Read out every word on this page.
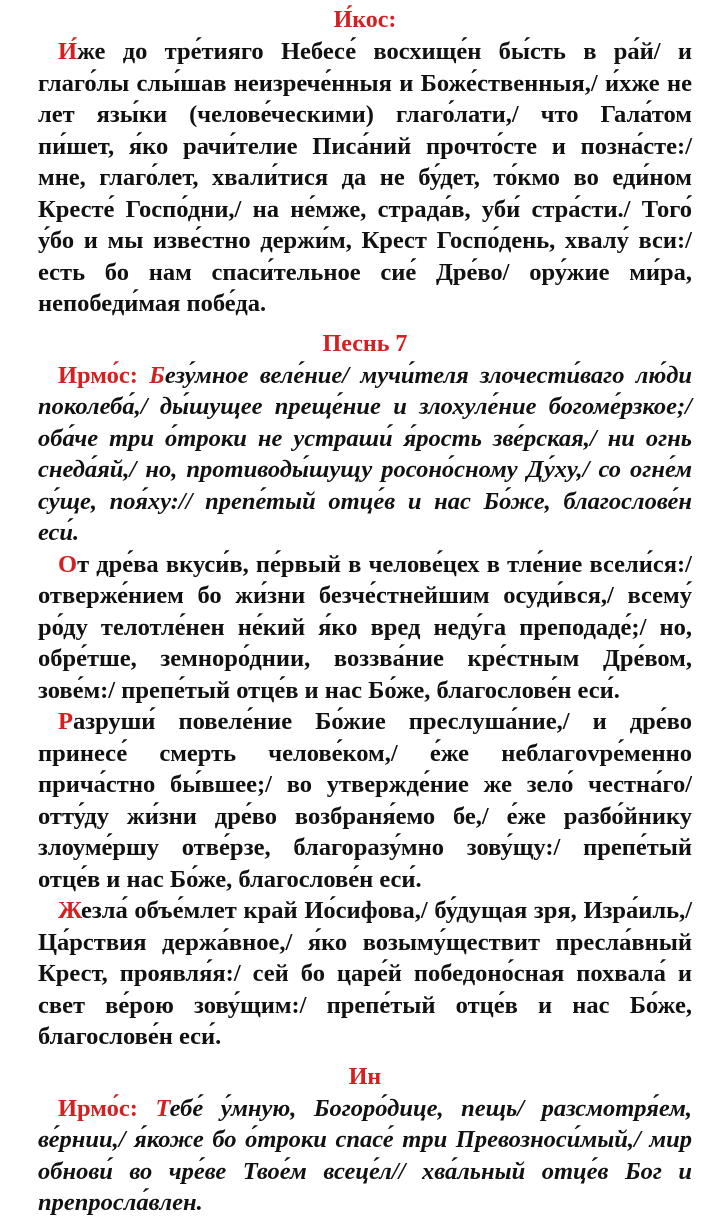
И́кос:

И́же до тре́тияго Небесе́ восхище́н бы́сть в ра́й/ и глаго́лы слы́шав неизрече́нныя и Боже́ственныя,/ и́хже не лет язы́ки (челове́ческими) глаго́лати,/ что Гала́том пи́шет, я́ко рачи́телие Писа́ний прочто́сте и позна́сте:/ мне, глаго́лет, хвали́тися да не бу́дет, то́кмо во еди́ном Кресте́ Госпо́дни,/ на не́мже, страда́в, уби́ стра́сти./ Того́ у́бо и мы изве́стно держи́м, Крест Госпо́день, хвалу́ вси:/ есть бо нам спаси́тельное сие́ Дре́во/ ору́жие ми́ра, непобеди́мая побе́да.

Песнь 7

Ирмо́с: Безу́мное веле́ние/ мучи́теля злочести́ваго лю́ди поколеба́,/ ды́шущее преще́ние и злохуле́ние богоме́рзкое;/ оба́че три о́троки не устраши́ я́рость зве́рская,/ ни огнь снеда́яй,/ но, противоды́шущу росоно́сному Ду́ху,/ со огне́м су́ще, поя́ху:// препе́тый отце́в и нас Бо́же, благослове́н еси́.

От дре́ва вкуси́в, пе́рвый в челове́цех в тле́ние всели́ся:/ отверже́нием бо жи́зни безче́стнейшим осуди́вся,/ всему́ ро́ду телотле́нен не́кий я́ко вред неду́га преподаде́;/ но, обре́тше, земноро́днии, воззва́ние кре́стным Дре́вом, зове́м:/ препе́тый отце́в и нас Бо́же, благослове́н еси́.

Разруши́ повеле́ние Бо́жие преслуша́ние,/ и дре́во принесе́ смерть челове́ком,/ е́же неблагovре́менно прича́стно бы́вшее;/ во утвержде́ние же зело́ честна́го/ отту́ду жи́зни дре́во возбраня́емо бе,/ е́же разбо́йнику злоуме́ршу отве́рзе, благоразу́мно зову́щу:/ препе́тый отце́в и нас Бо́же, благослове́н еси́.

Жезла́ объе́млет край Ио́сифова,/ бу́дущая зря, Изра́иль,/ Ца́рствия держа́вное,/ я́ко возыму́ществит пресла́вный Крест, проявля́я:/ сей бо царе́й победоно́сная похвала́ и свет ве́рою зову́щим:/ препе́тый отце́в и нас Бо́же, благослове́н еси́.

Ин

Ирмо́с: Тебе́ у́мную, Богоро́дице, пещь/ разсмотря́ем, ве́рнии,/ я́коже бо о́троки спасе́ три Превозноси́мый,/ мир обнови́ во чре́ве Твое́м всеце́л// хва́льный отце́в Бог и препросла́влен.
